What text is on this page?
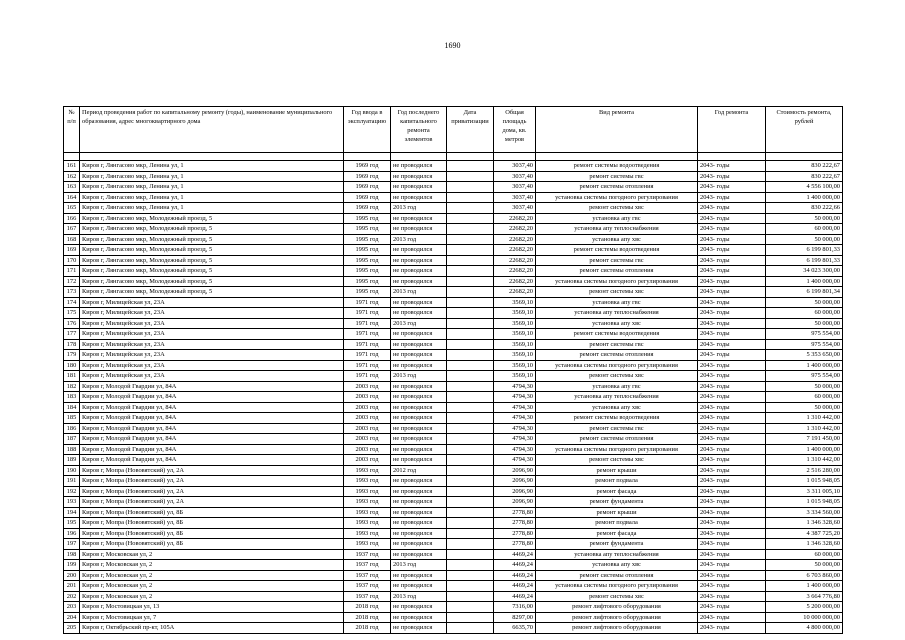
1690
№ п/п	Период проведения работ по капитальному ремонту (годы), наименование муниципального образования, адрес многоквартирного дома	Год ввода в эксплуатацию	Год последнего капитального ремонта элементов	Дата приватизации	Общая площадь дома, кв. метров	Вид ремонта	Год ремонта	Стоимость ремонта, рублей

161	Киров г, Лянгасово мкр, Ленина ул, 1	1969 год	не проводился		3037,40	ремонт системы водоотведения	2043- годы	830 222,67
162	Киров г, Лянгасово мкр, Ленина ул, 1	1969 год	не проводился		3037,40	ремонт системы гвс	2043- годы	830 222,67
163	Киров г, Лянгасово мкр, Ленина ул, 1	1969 год	не проводился		3037,40	ремонт системы отопления	2043- годы	4 556 100,00
164	Киров г, Лянгасово мкр, Ленина ул, 1	1969 год	не проводился		3037,40	установка системы погодного регулирования	2043- годы	1 400 000,00
165	Киров г, Лянгасово мкр, Ленина ул, 1	1969 год	2013 год		3037,40	ремонт системы хвс	2043- годы	830 222,66
166	Киров г, Лянгасово мкр, Молодежный проезд, 5	1995 год	не проводился		22682,20	установка апу гвс	2043- годы	50 000,00
167	Киров г, Лянгасово мкр, Молодежный проезд, 5	1995 год	не проводился		22682,20	установка апу теплоснабжения	2043- годы	60 000,00
168	Киров г, Лянгасово мкр, Молодежный проезд, 5	1995 год	2013 год		22682,20	установка апу хвс	2043- годы	50 000,00
169	Киров г, Лянгасово мкр, Молодежный проезд, 5	1995 год	не проводился		22682,20	ремонт системы водоотведения	2043- годы	6 199 801,33
170	Киров г, Лянгасово мкр, Молодежный проезд, 5	1995 год	не проводился		22682,20	ремонт системы гвс	2043- годы	6 199 801,33
171	Киров г, Лянгасово мкр, Молодежный проезд, 5	1995 год	не проводился		22682,20	ремонт системы отопления	2043- годы	34 023 300,00
172	Киров г, Лянгасово мкр, Молодежный проезд, 5	1995 год	не проводился		22682,20	установка системы погодного регулирования	2043- годы	1 400 000,00
173	Киров г, Лянгасово мкр, Молодежный проезд, 5	1995 год	2013 год		22682,20	ремонт системы хвс	2043- годы	6 199 801,34
174	Киров г, Милицейская ул, 23А	1971 год	не проводился		3569,10	установка апу гвс	2043- годы	50 000,00
175	Киров г, Милицейская ул, 23А	1971 год	не проводился		3569,10	установка апу теплоснабжения	2043- годы	60 000,00
176	Киров г, Милицейская ул, 23А	1971 год	2013 год		3569,10	установка апу хвс	2043- годы	50 000,00
177	Киров г, Милицейская ул, 23А	1971 год	не проводился		3569,10	ремонт системы водоотведения	2043- годы	975 554,00
178	Киров г, Милицейская ул, 23А	1971 год	не проводился		3569,10	ремонт системы гвс	2043- годы	975 554,00
179	Киров г, Милицейская ул, 23А	1971 год	не проводился		3569,10	ремонт системы отопления	2043- годы	5 353 650,00
180	Киров г, Милицейская ул, 23А	1971 год	не проводился		3569,10	установка системы погодного регулирования	2043- годы	1 400 000,00
181	Киров г, Милицейская ул, 23А	1971 год	2013 год		3569,10	ремонт системы хвс	2043- годы	975 554,00
182	Киров г, Молодой Гвардии ул, 84А	2003 год	не проводился		4794,30	установка апу гвс	2043- годы	50 000,00
183	Киров г, Молодой Гвардии ул, 84А	2003 год	не проводился		4794,30	установка апу теплоснабжения	2043- годы	60 000,00
184	Киров г, Молодой Гвардии ул, 84А	2003 год	не проводился		4794,30	установка апу хвс	2043- годы	50 000,00
185	Киров г, Молодой Гвардии ул, 84А	2003 год	не проводился		4794,30	ремонт системы водоотведения	2043- годы	1 310 442,00
186	Киров г, Молодой Гвардии ул, 84А	2003 год	не проводился		4794,30	ремонт системы гвс	2043- годы	1 310 442,00
187	Киров г, Молодой Гвардии ул, 84А	2003 год	не проводился		4794,30	ремонт системы отопления	2043- годы	7 191 450,00
188	Киров г, Молодой Гвардии ул, 84А	2003 год	не проводился		4794,30	установка системы погодного регулирования	2043- годы	1 400 000,00
189	Киров г, Молодой Гвардии ул, 84А	2003 год	не проводился		4794,30	ремонт системы хвс	2043- годы	1 310 442,00
190	Киров г, Мопра (Нововятский) ул, 2А	1993 год	2012 год		2096,90	ремонт крыши	2043- годы	2 516 280,00
191	Киров г, Мопра (Нововятский) ул, 2А	1993 год	не проводился		2096,90	ремонт подвала	2043- годы	1 015 948,05
192	Киров г, Мопра (Нововятский) ул, 2А	1993 год	не проводился		2096,90	ремонт фасада	2043- годы	3 311 005,10
193	Киров г, Мопра (Нововятский) ул, 2А	1993 год	не проводился		2096,90	ремонт фундамента	2043- годы	1 015 948,05
194	Киров г, Мопра (Нововятский) ул, 8Б	1993 год	не проводился		2778,80	ремонт крыши	2043- годы	3 334 560,00
195	Киров г, Мопра (Нововятский) ул, 8Б	1993 год	не проводился		2778,80	ремонт подвала	2043- годы	1 346 328,60
196	Киров г, Мопра (Нововятский) ул, 8Б	1993 год	не проводился		2778,80	ремонт фасада	2043- годы	4 387 725,20
197	Киров г, Мопра (Нововятский) ул, 8Б	1993 год	не проводился		2778,80	ремонт фундамента	2043- годы	1 346 328,60
198	Киров г, Московская ул, 2	1937 год	не проводился		4469,24	установка апу теплоснабжения	2043- годы	60 000,00
199	Киров г, Московская ул, 2	1937 год	2013 год		4469,24	установка апу хвс	2043- годы	50 000,00
200	Киров г, Московская ул, 2	1937 год	не проводился		4469,24	ремонт системы отопления	2043- годы	6 703 860,00
201	Киров г, Московская ул, 2	1937 год	не проводился		4469,24	установка системы погодного регулирования	2043- годы	1 400 000,00
202	Киров г, Московская ул, 2	1937 год	2013 год		4469,24	ремонт системы хвс	2043- годы	3 664 776,80
203	Киров г, Мостовицкая ул, 13	2018 год	не проводился		7316,00	ремонт лифтового оборудования	2043- годы	5 200 000,00
204	Киров г, Мостовицкая ул, 7	2018 год	не проводился		8297,00	ремонт лифтового оборудования	2043- годы	10 000 000,00
205	Киров г, Октябрьский пр-кт, 105А	2018 год	не проводился		6635,70	ремонт лифтового оборудования	2043- годы	4 800 000,00
